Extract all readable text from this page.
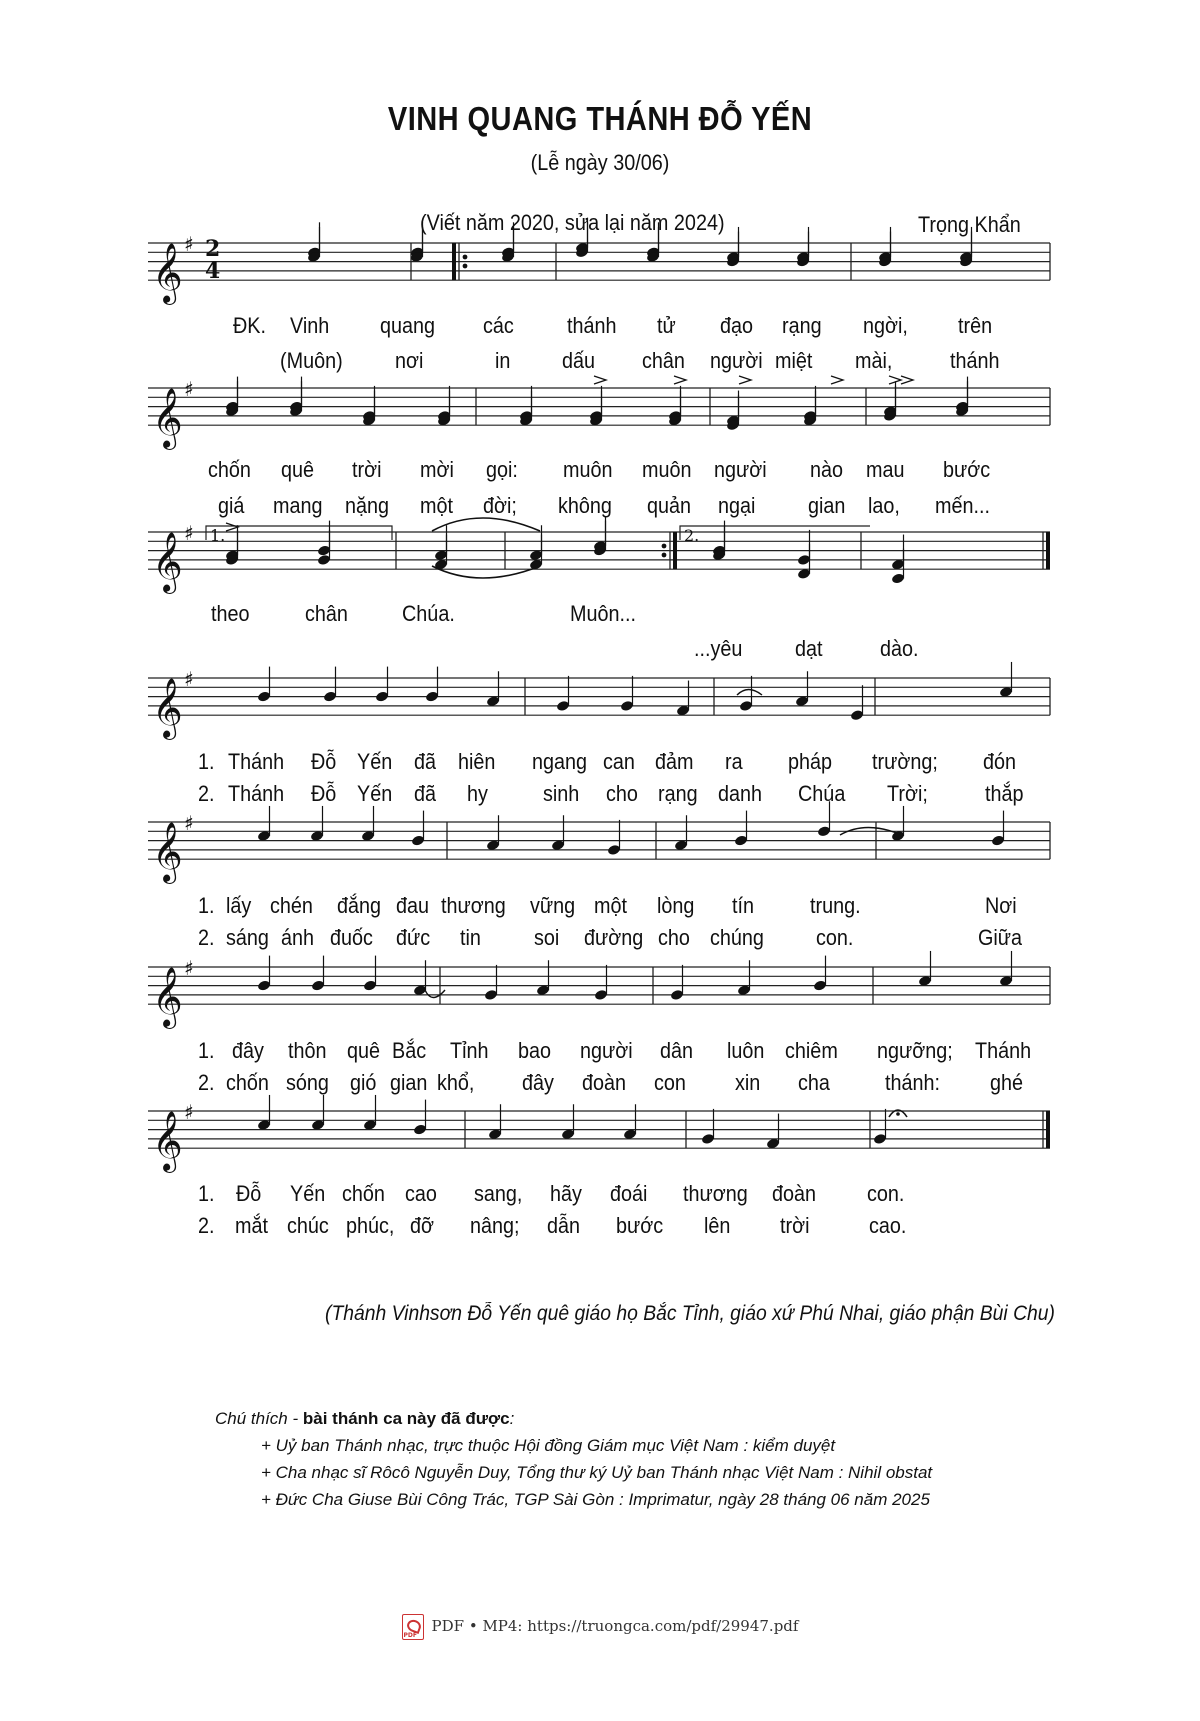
VINH QUANG THÁNH ĐỖ YẾN
(Lễ ngày 30/06)
(Viết năm 2020, sửa lại năm 2024)	Trọng Khẩn
𝄞 ♯
𝄞 ♯
𝄞 ♯
𝄞 ♯
𝄞 ♯
𝄞 ♯
𝄞 ♯
2
4
1.	2.
ĐK. Vinh quang các thánh tử đạo rạng ngời, trên
(Muôn) nơi	in dấu chân người miệt mài,	thánh
chốn quê trời mời gọi: muôn muôn người nào mau bước
giá mang nặng một đời; không quản ngại gian lao, mến...
theo	chân Chúa.	Muôn...
...yêu dạt	dào.
1. Thánh Đỗ Yến đã hiên ngang can đảm ra pháp trường; đón
2. Thánh Đỗ Yến đã hy	sinh cho rạng danh Chúa Trời;	thắp
1. lấy chén đắng đau thương vững một lòng tín	trung.	Nơi
2. sáng ánh đuốc đức tin soi đường cho chúng con.	Giữa
1. đây thôn quê Bắc Tỉnh bao người dân luôn chiêm ngưỡng; Thánh
2. chốn sóng gió gian khổ, đây đoàn con xin cha	thánh: ghé
1. Đỗ Yến chốn cao sang, hãy đoái thương đoàn con.
2. mắt chúc phúc, đỡ nâng; dẫn bước lên trời	cao.
(Thánh Vinhsơn Đỗ Yến quê giáo họ Bắc Tỉnh, giáo xứ Phú Nhai, giáo phận Bùi Chu)
Chú thích - bài thánh ca này đã được:
+ Uỷ ban Thánh nhạc, trực thuộc Hội đồng Giám mục Việt Nam : kiểm duyệt
+ Cha nhạc sĩ Rôcô Nguyễn Duy, Tổng thư ký Uỷ ban Thánh nhạc Việt Nam : Nihil obstat
+ Đức Cha Giuse Bùi Công Trác, TGP Sài Gòn : Imprimatur, ngày 28 tháng 06 năm 2025
PDFPDF • MP4: https://truongca.com/pdf/29947.pdf
